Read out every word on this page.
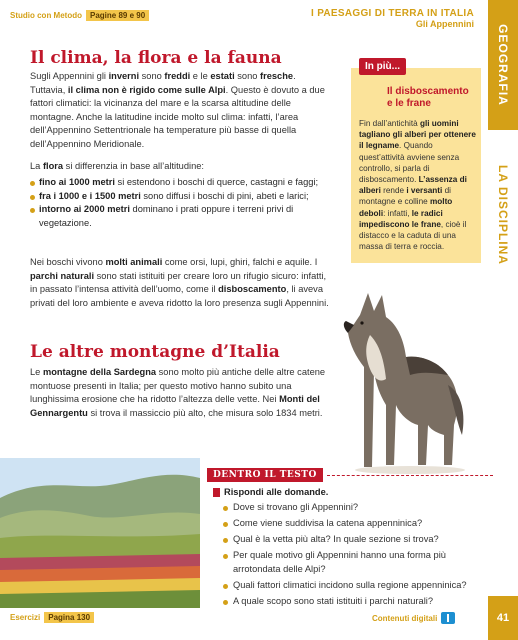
Studio con Metodo	Pagine 89 e 90	I PAESAGGI DI TERRA IN ITALIA
Gli Appennini
GEOGRAFIA
LA DISCIPLINA
Il clima, la flora e la fauna

Sugli Appennini gli inverni sono freddi e le estati sono fresche. Tuttavia, il clima non è rigido come sulle Alpi. Questo è dovuto a due fattori climatici: la vicinanza del mare e la scarsa altitudine delle montagne. Anche la latitudine incide molto sul clima: infatti, l’area dell’Appennino Settentrionale ha temperature più basse di quella dell’Appennino Meridionale.

La flora si differenzia in base all’altitudine:

fino ai 1000 metri si estendono i boschi di querce, castagni e faggi;
fra i 1000 e i 1500 metri sono diffusi i boschi di pini, abeti e larici;
intorno ai 2000 metri dominano i prati oppure i terreni privi di vegetazione.

Nei boschi vivono molti animali come orsi, lupi, ghiri, falchi e aquile. I parchi naturali sono stati istituiti per creare loro un rifugio sicuro: infatti, in passato l’intensa attività dell’uomo, come il disboscamento, li aveva privati del loro ambiente e aveva ridotto la loro presenza sugli Appennini.

Le altre montagne d’Italia

Le montagne della Sardegna sono molto più antiche delle altre catene montuose presenti in Italia; per questo motivo hanno subito una lunghissima erosione che ha ridotto l’altezza delle vette. Nei Monti del Gennargentu si trova il massiccio più alto, che misura solo 1834 metri.

In più...
Il disboscamento e le frane
Fin dall’antichità gli uomini tagliano gli alberi per ottenere il legname. Quando quest’attività avviene senza controllo, si parla di disboscamento. L’assenza di alberi rende i versanti di montagne e colline molto deboli: infatti, le radici impediscono le frane, cioè il distacco e la caduta di una massa di terra e roccia.
DENTRO IL TESTO
Rispondi alle domande.
Dove si trovano gli Appennini?
Come viene suddivisa la catena appenninica?
Qual è la vetta più alta? In quale sezione si trova?
Per quale motivo gli Appennini hanno una forma più arrotondata delle Alpi?
Quali fattori climatici incidono sulla regione appenninica?
A quale scopo sono stati istituiti i parchi naturali?
Esercizi	Pagina 130	Contenuti digitali	41
